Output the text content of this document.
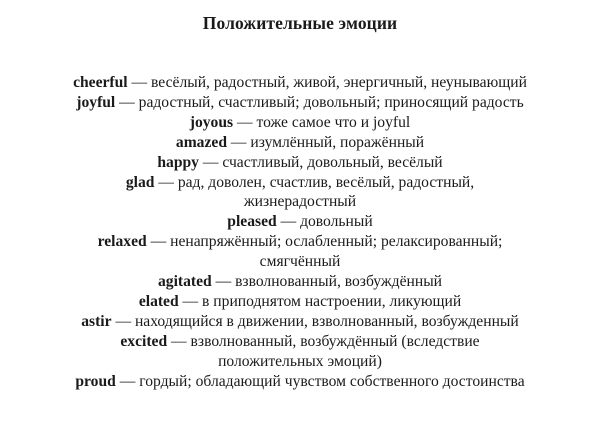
Положительные эмоции
cheerful — весёлый, радостный, живой, энергичный, неунывающий
joyful — радостный, счастливый; довольный; приносящий радость
joyous — тоже самое что и joyful
amazed — изумлённый, поражённый
happy — счастливый, довольный, весёлый
glad — рад, доволен, счастлив, весёлый, радостный,
жизнерадостный
pleased — довольный
relaxed — ненапряжённый; ослабленный; релаксированный;
смягчённый
agitated — взволнованный, возбуждённый
elated — в приподнятом настроении, ликующий
astir — находящийся в движении, взволнованный, возбужденный
excited — взволнованный, возбуждённый (вследствие
положительных эмоций)
proud — гордый; обладающий чувством собственного достоинства
